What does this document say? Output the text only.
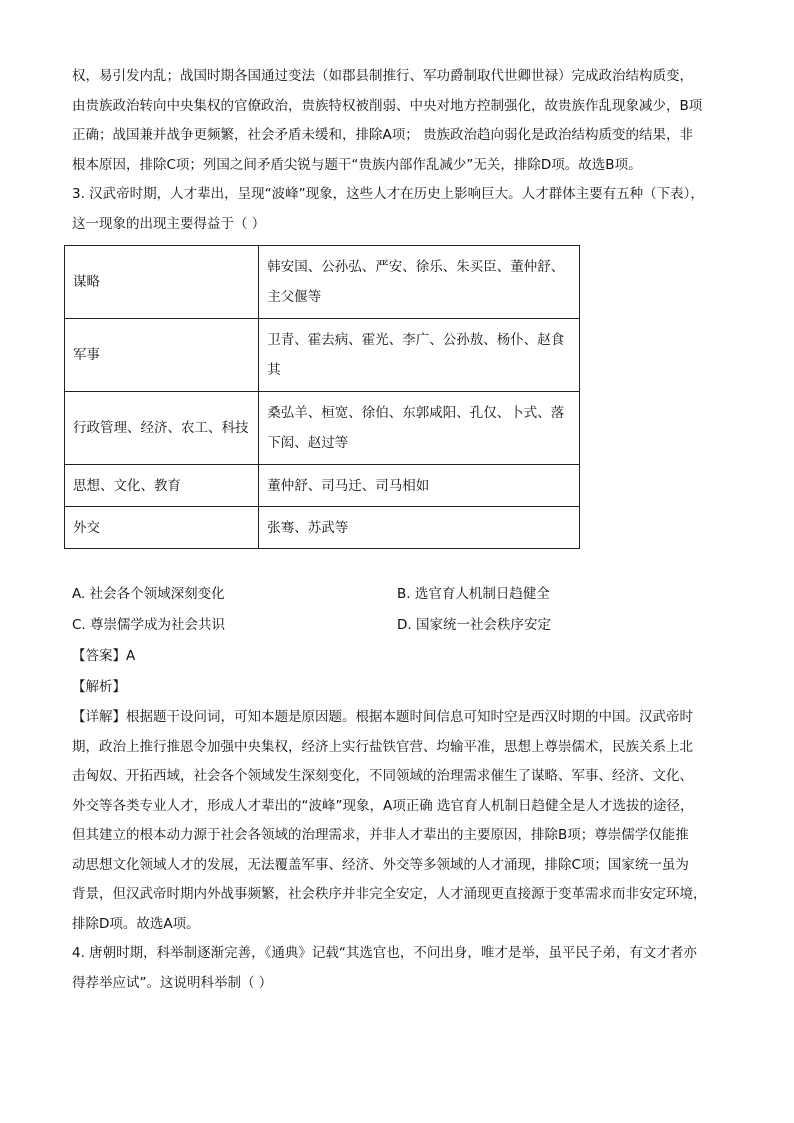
权，易引发内乱；战国时期各国通过变法（如郡县制推行、军功爵制取代世卿世禄）完成政治结构质变，

由贵族政治转向中央集权的官僚政治，贵族特权被削弱、中央对地方控制强化，故贵族作乱现象减少，B项

正确；战国兼并战争更频繁，社会矛盾未缓和，排除A项； 贵族政治趋向弱化是政治结构质变的结果，非

根本原因，排除C项；列国之间矛盾尖锐与题干“贵族内部作乱减少”无关，排除D项。故选B项。

3. 汉武帝时期，人才辈出，呈现“波峰”现象，这些人才在历史上影响巨大。人才群体主要有五种（下表），

这一现象的出现主要得益于（ ）

谋略	韩安国、公孙弘、严安、徐乐、朱买臣、董仲舒、
主父偃等

军事	卫青、霍去病、霍光、李广、公孙敖、杨仆、赵食
其

行政管理、经济、农工、科技	桑弘羊、桓宽、徐伯、东郭咸阳、孔仅、卜式、落
下闳、赵过等

思想、文化、教育	董仲舒、司马迁、司马相如

外交	张骞、苏武等
A. 社会各个领域深刻变化	B. 选官育人机制日趋健全
C. 尊崇儒学成为社会共识	D. 国家统一社会秩序安定
【答案】A
【解析】

【详解】根据题干设问词，可知本题是原因题。根据本题时间信息可知时空是西汉时期的中国。汉武帝时

期，政治上推行推恩令加强中央集权，经济上实行盐铁官营、均输平准，思想上尊崇儒术，民族关系上北

击匈奴、开拓西域，社会各个领域发生深刻变化，不同领域的治理需求催生了谋略、军事、经济、文化、

外交等各类专业人才，形成人才辈出的“波峰”现象，A项正确 选官育人机制日趋健全是人才选拔的途径，

但其建立的根本动力源于社会各领域的治理需求，并非人才辈出的主要原因，排除B项；尊崇儒学仅能推

动思想文化领域人才的发展，无法覆盖军事、经济、外交等多领域的人才涌现，排除C项；国家统一虽为

背景，但汉武帝时期内外战事频繁，社会秩序并非完全安定，人才涌现更直接源于变革需求而非安定环境，

排除D项。故选A项。

4. 唐朝时期，科举制逐渐完善，《通典》记载“其选官也，不问出身，唯才是举，虽平民子弟，有文才者亦

得荐举应试”。这说明科举制（ ）
